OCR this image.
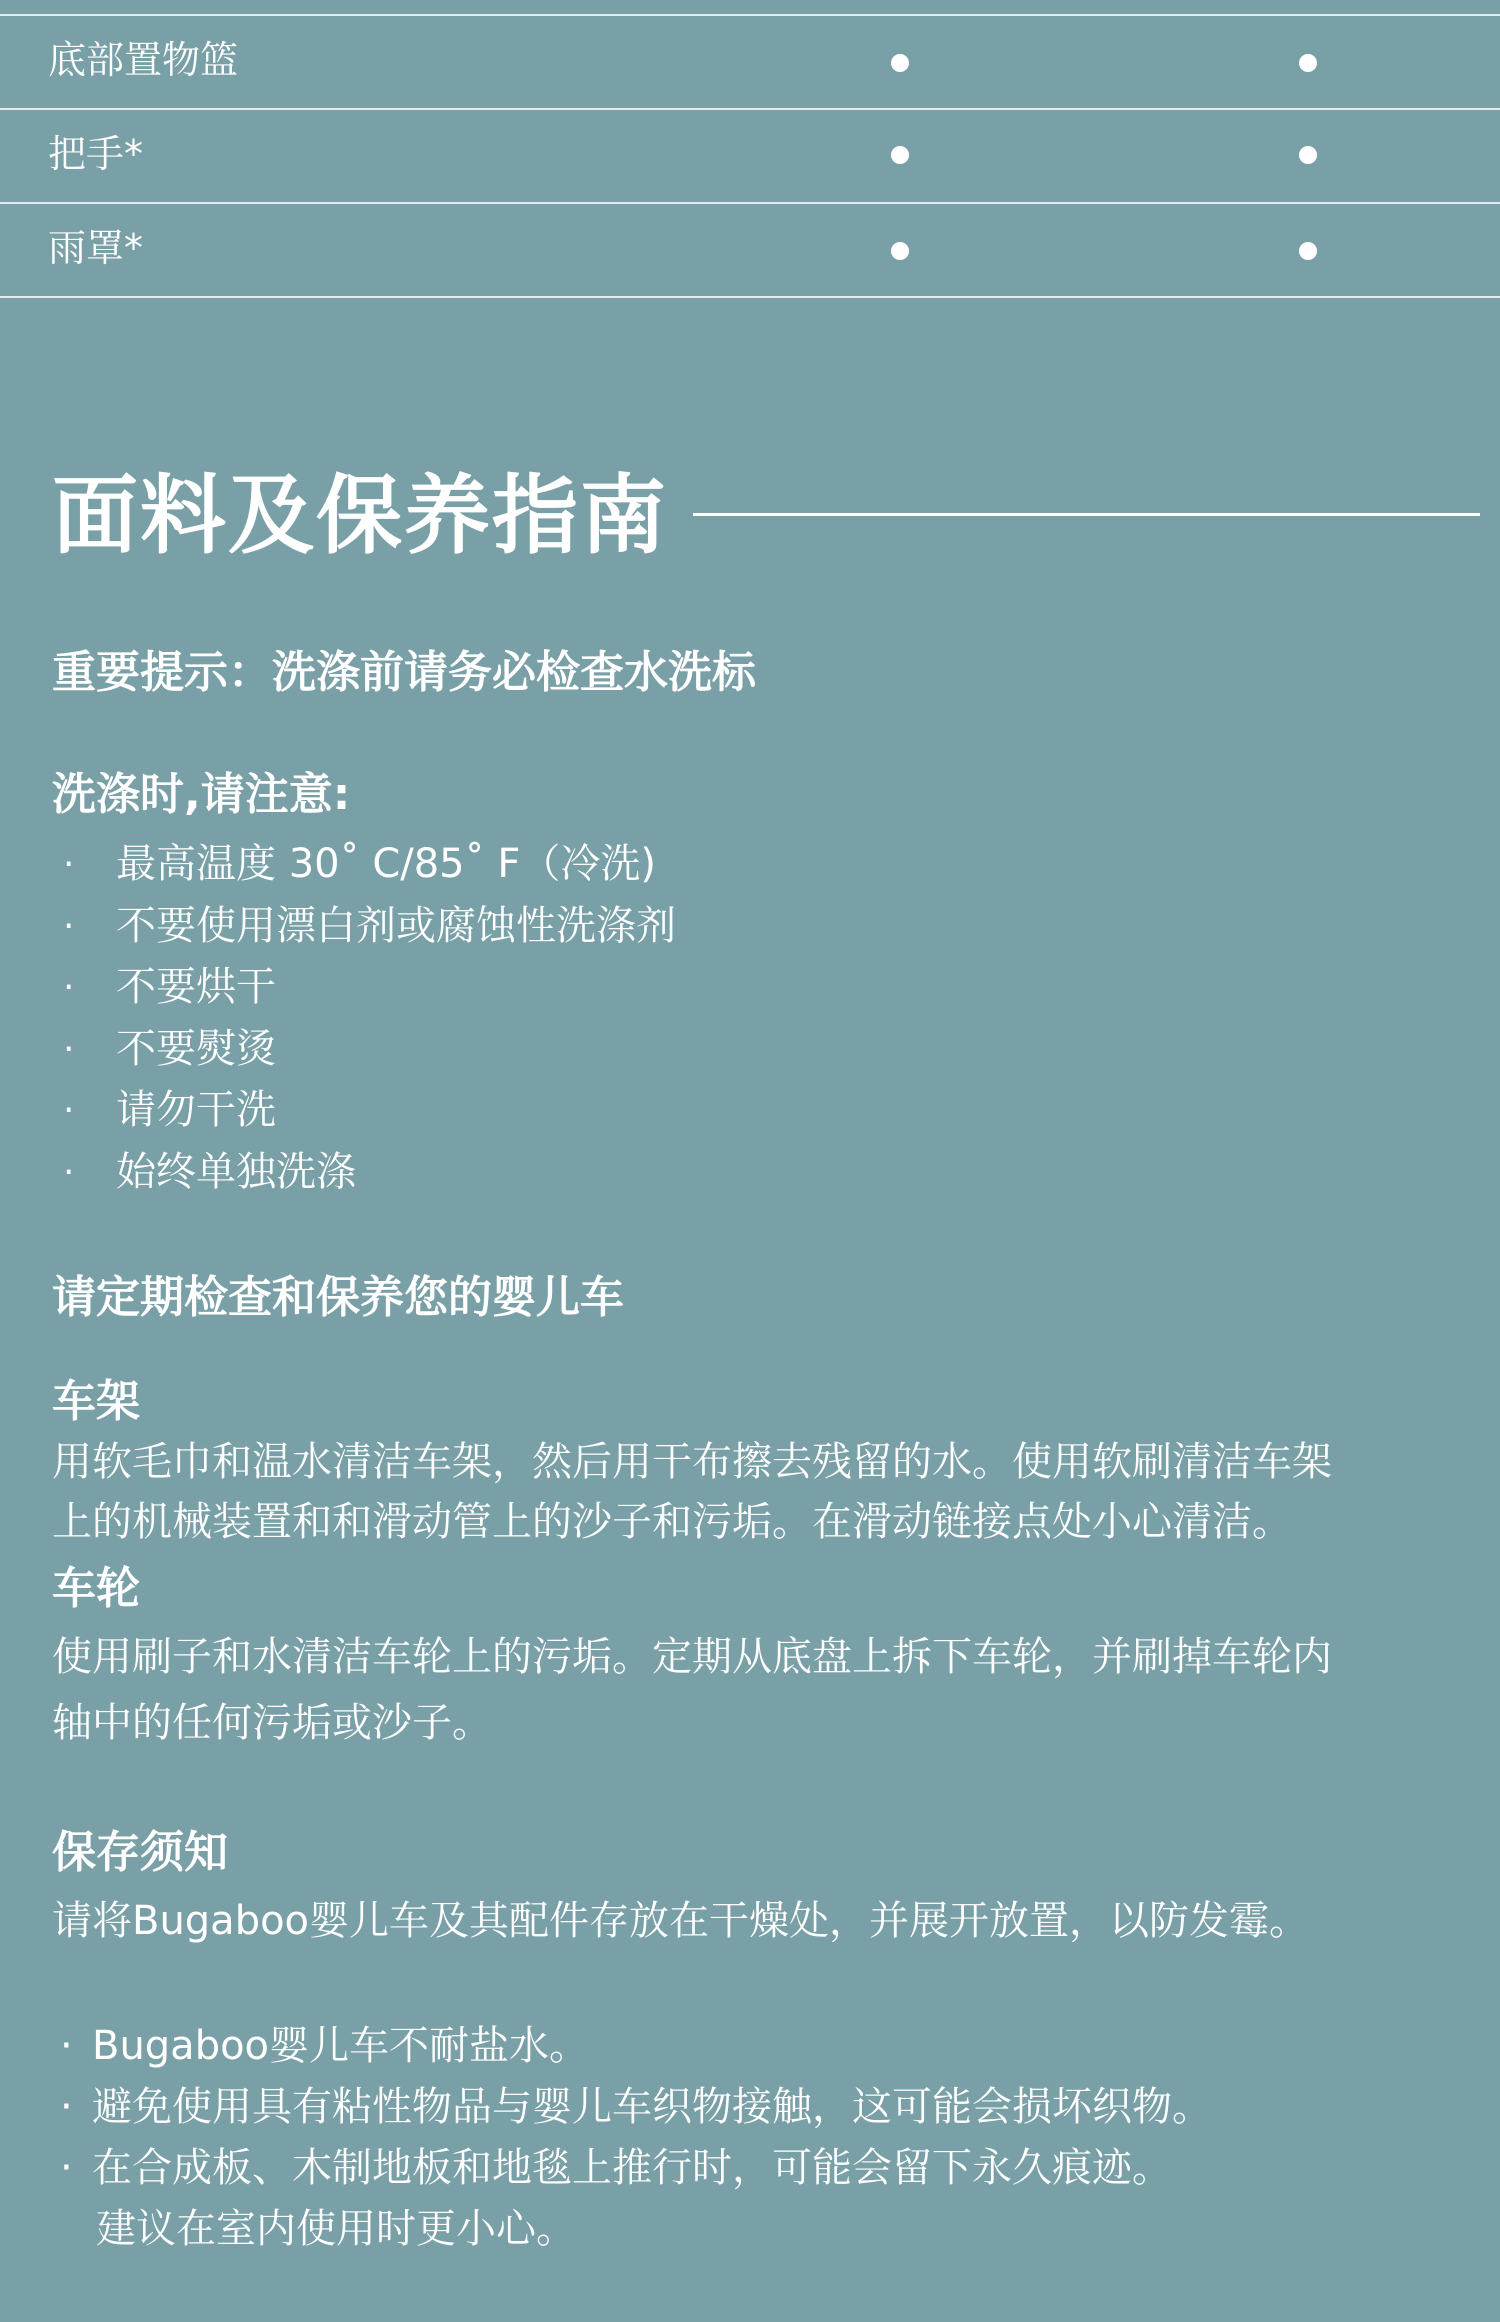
底部置物篮
把手*
雨罩*
面料及保养指南
重要提示：洗涤前请务必检查水洗标
洗涤时,请注意:
· 最高温度 30˚ C/85˚ F（冷洗)
· 不要使用漂白剂或腐蚀性洗涤剂
· 不要烘干
· 不要熨烫
· 请勿干洗
· 始终单独洗涤
请定期检查和保养您的婴儿车
车架
用软毛巾和温水清洁车架，然后用干布擦去残留的水。使用软刷清洁车架
上的机械装置和和滑动管上的沙子和污垢。在滑动链接点处小心清洁。
车轮
使用刷子和水清洁车轮上的污垢。定期从底盘上拆下车轮，并刷掉车轮内
轴中的任何污垢或沙子。
保存须知
请将Bugaboo婴儿车及其配件存放在干燥处，并展开放置，以防发霉。
· Bugaboo婴儿车不耐盐水。
· 避免使用具有粘性物品与婴儿车织物接触，这可能会损坏织物。
· 在合成板、木制地板和地毯上推行时，可能会留下永久痕迹。
建议在室内使用时更小心。
